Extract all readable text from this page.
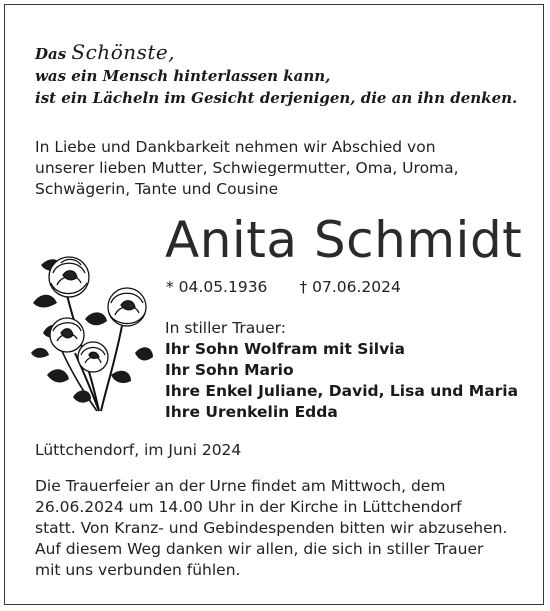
Das Schönste,
was ein Mensch hinterlassen kann,
ist ein Lächeln im Gesicht derjenigen, die an ihn denken.
In Liebe und Dankbarkeit nehmen wir Abschied von
unserer lieben Mutter, Schwiegermutter, Oma, Uroma,
Schwägerin, Tante und Cousine
Anita Schmidt
* 04.05.1936 † 07.06.2024
In stiller Trauer:
Ihr Sohn Wolfram mit Silvia
Ihr Sohn Mario
Ihre Enkel Juliane, David, Lisa und Maria
Ihre Urenkelin Edda
Lüttchendorf, im Juni 2024
Die Trauerfeier an der Urne findet am Mittwoch, dem
26.06.2024 um 14.00 Uhr in der Kirche in Lüttchendorf
statt. Von Kranz- und Gebindespenden bitten wir abzusehen.
Auf diesem Weg danken wir allen, die sich in stiller Trauer
mit uns verbunden fühlen.
